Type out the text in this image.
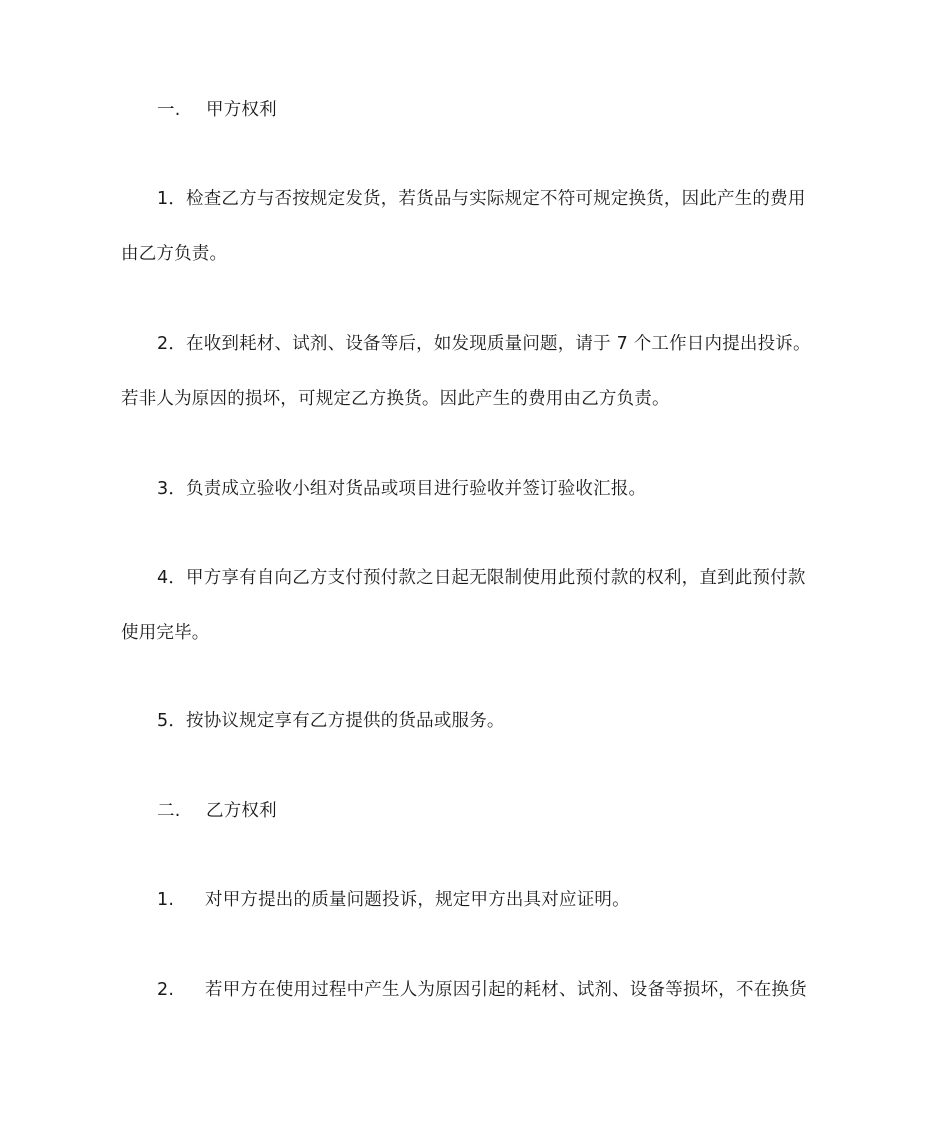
一. 甲方权利
1．检查乙方与否按规定发货，若货品与实际规定不符可规定换货，因此产生的费用
由乙方负责。
2．在收到耗材、试剂、设备等后，如发现质量问题，请于 7 个工作日内提出投诉。
若非人为原因的损坏，可规定乙方换货。因此产生的费用由乙方负责。
3．负责成立验收小组对货品或项目进行验收并签订验收汇报。
4．甲方享有自向乙方支付预付款之日起无限制使用此预付款的权利，直到此预付款
使用完毕。
5．按协议规定享有乙方提供的货品或服务。
二. 乙方权利
1. 对甲方提出的质量问题投诉，规定甲方出具对应证明。
2. 若甲方在使用过程中产生人为原因引起的耗材、试剂、设备等损坏，不在换货
